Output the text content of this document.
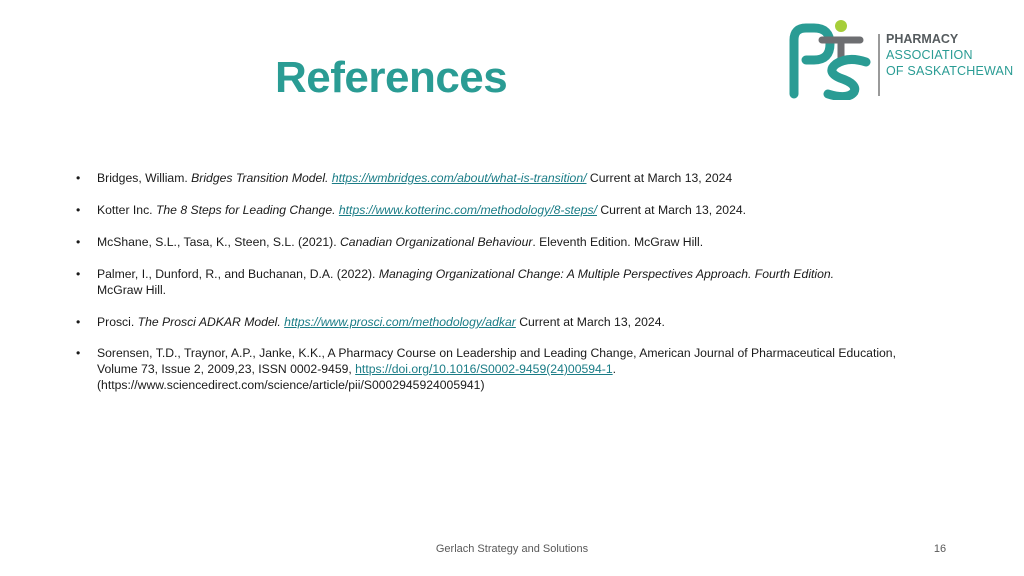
References
PHARMACY
ASSOCIATION
OF SASKATCHEWAN
• Bridges, William. Bridges Transition Model. https://wmbridges.com/about/what-is-transition/ Current at March 13, 2024
• Kotter Inc. The 8 Steps for Leading Change. https://www.kotterinc.com/methodology/8-steps/ Current at March 13, 2024.
• McShane, S.L., Tasa, K., Steen, S.L. (2021). Canadian Organizational Behaviour. Eleventh Edition. McGraw Hill.
• Palmer, I., Dunford, R., and Buchanan, D.A. (2022). Managing Organizational Change: A Multiple Perspectives Approach. Fourth Edition.
McGraw Hill.
• Prosci. The Prosci ADKAR Model. https://www.prosci.com/methodology/adkar Current at March 13, 2024.
• Sorensen, T.D., Traynor, A.P., Janke, K.K., A Pharmacy Course on Leadership and Leading Change, American Journal of Pharmaceutical Education, Volume 73, Issue 2, 2009,23, ISSN 0002-9459, https://doi.org/10.1016/S0002-9459(24)00594-1.
(https://www.sciencedirect.com/science/article/pii/S0002945924005941)
Gerlach Strategy and Solutions	16
